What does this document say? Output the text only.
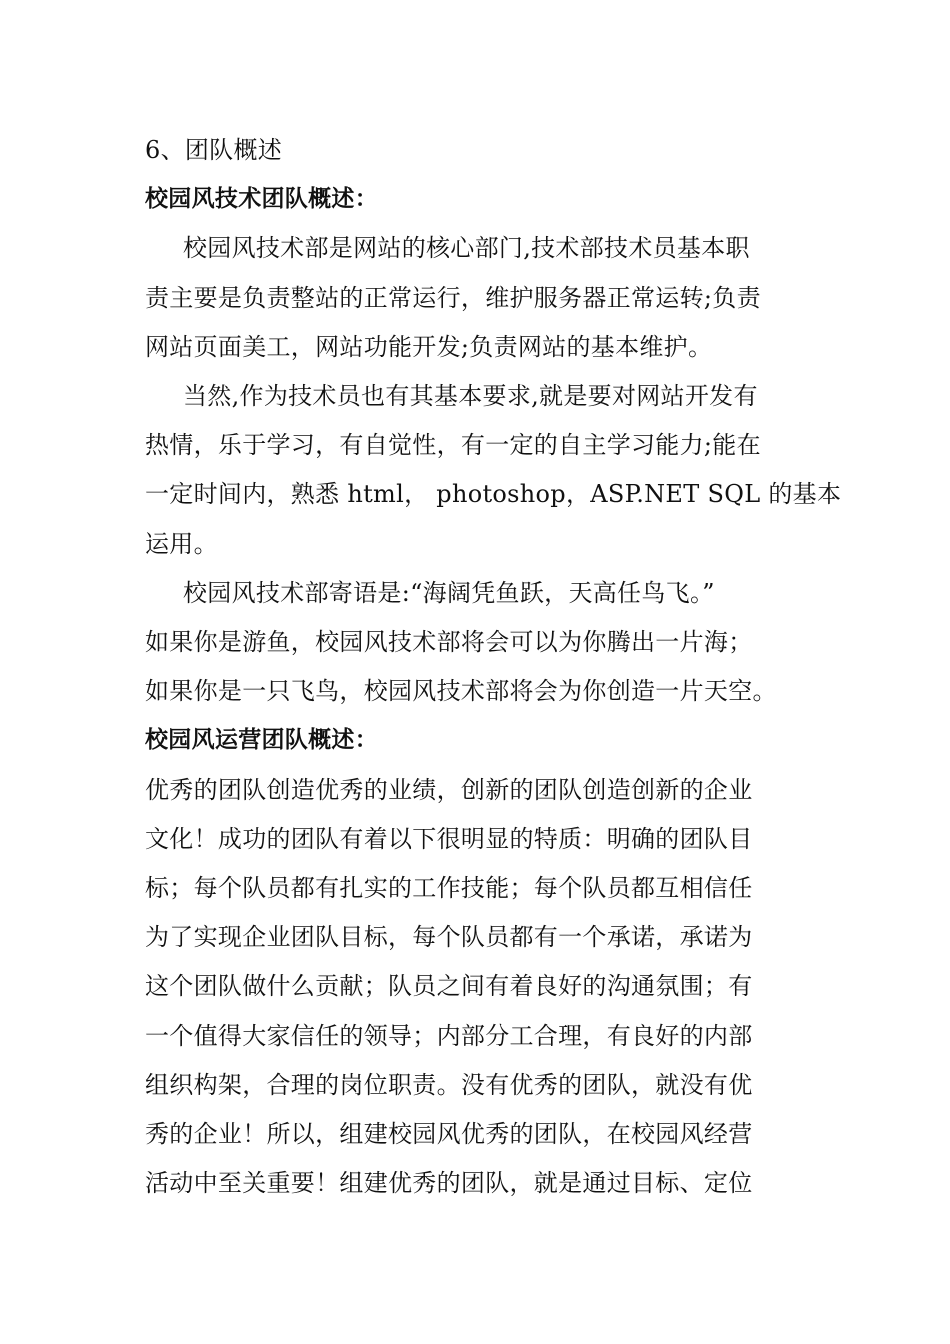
6、团队概述

校园风技术团队概述：

校园风技术部是网站的核心部门,技术部技术员基本职

责主要是负责整站的正常运行，维护服务器正常运转;负责

网站页面美工，网站功能开发;负责网站的基本维护。

当然,作为技术员也有其基本要求,就是要对网站开发有

热情，乐于学习，有自觉性，有一定的自主学习能力;能在

一定时间内，熟悉 html， photoshop，ASP.NET SQL 的基本

运用。

校园风技术部寄语是:“海阔凭鱼跃，天高任鸟飞。”

如果你是游鱼，校园风技术部将会可以为你腾出一片海；

如果你是一只飞鸟，校园风技术部将会为你创造一片天空。

校园风运营团队概述：

优秀的团队创造优秀的业绩，创新的团队创造创新的企业

文化！成功的团队有着以下很明显的特质：明确的团队目

标；每个队员都有扎实的工作技能；每个队员都互相信任

为了实现企业团队目标，每个队员都有一个承诺，承诺为

这个团队做什么贡献；队员之间有着良好的沟通氛围；有

一个值得大家信任的领导；内部分工合理，有良好的内部

组织构架，合理的岗位职责。没有优秀的团队，就没有优

秀的企业！所以，组建校园风优秀的团队，在校园风经营

活动中至关重要！组建优秀的团队，就是通过目标、定位
